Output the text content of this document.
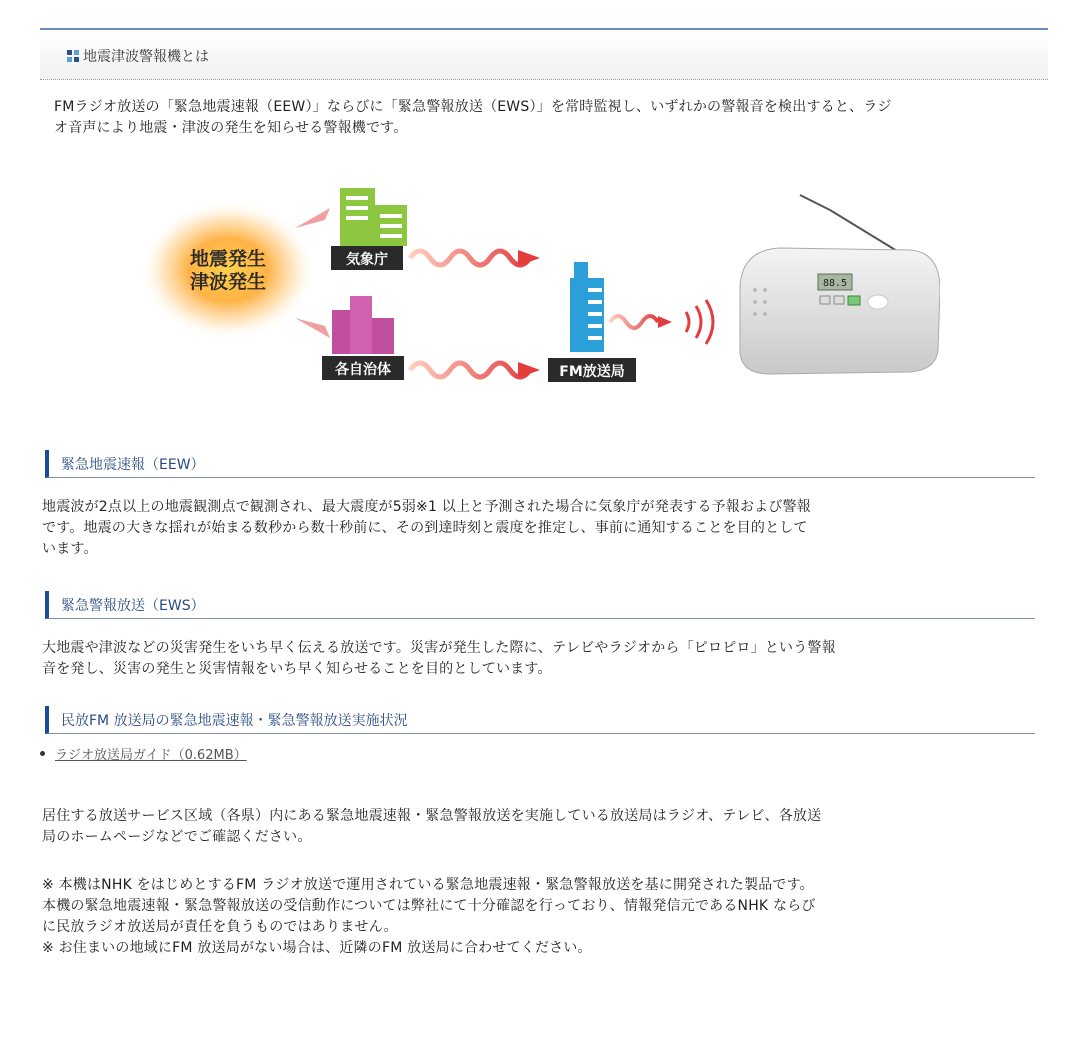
地震津波警報機とは
FMラジオ放送の「緊急地震速報（EEW）」ならびに「緊急警報放送（EWS）」を常時監視し、いずれかの警報音を検出すると、ラジ
オ音声により地震・津波の発生を知らせる警報機です。
地震発生
津波発生
気象庁
各自治体	FM放送局
88.5
緊急地震速報（EEW）
地震波が2点以上の地震観測点で観測され、最大震度が5弱※1 以上と予測された場合に気象庁が発表する予報および警報
です。地震の大きな揺れが始まる数秒から数十秒前に、その到達時刻と震度を推定し、事前に通知することを目的として
います。
緊急警報放送（EWS）
大地震や津波などの災害発生をいち早く伝える放送です。災害が発生した際に、テレビやラジオから「ピロピロ」という警報
音を発し、災害の発生と災害情報をいち早く知らせることを目的としています。
民放FM 放送局の緊急地震速報・緊急警報放送実施状況
ラジオ放送局ガイド（0.62MB）
居住する放送サービス区域（各県）内にある緊急地震速報・緊急警報放送を実施している放送局はラジオ、テレビ、各放送
局のホームページなどでご確認ください。
※ 本機はNHK をはじめとするFM ラジオ放送で運用されている緊急地震速報・緊急警報放送を基に開発された製品です。
本機の緊急地震速報・緊急警報放送の受信動作については弊社にて十分確認を行っており、情報発信元であるNHK ならび
に民放ラジオ放送局が責任を負うものではありません。
※ お住まいの地域にFM 放送局がない場合は、近隣のFM 放送局に合わせてください。
